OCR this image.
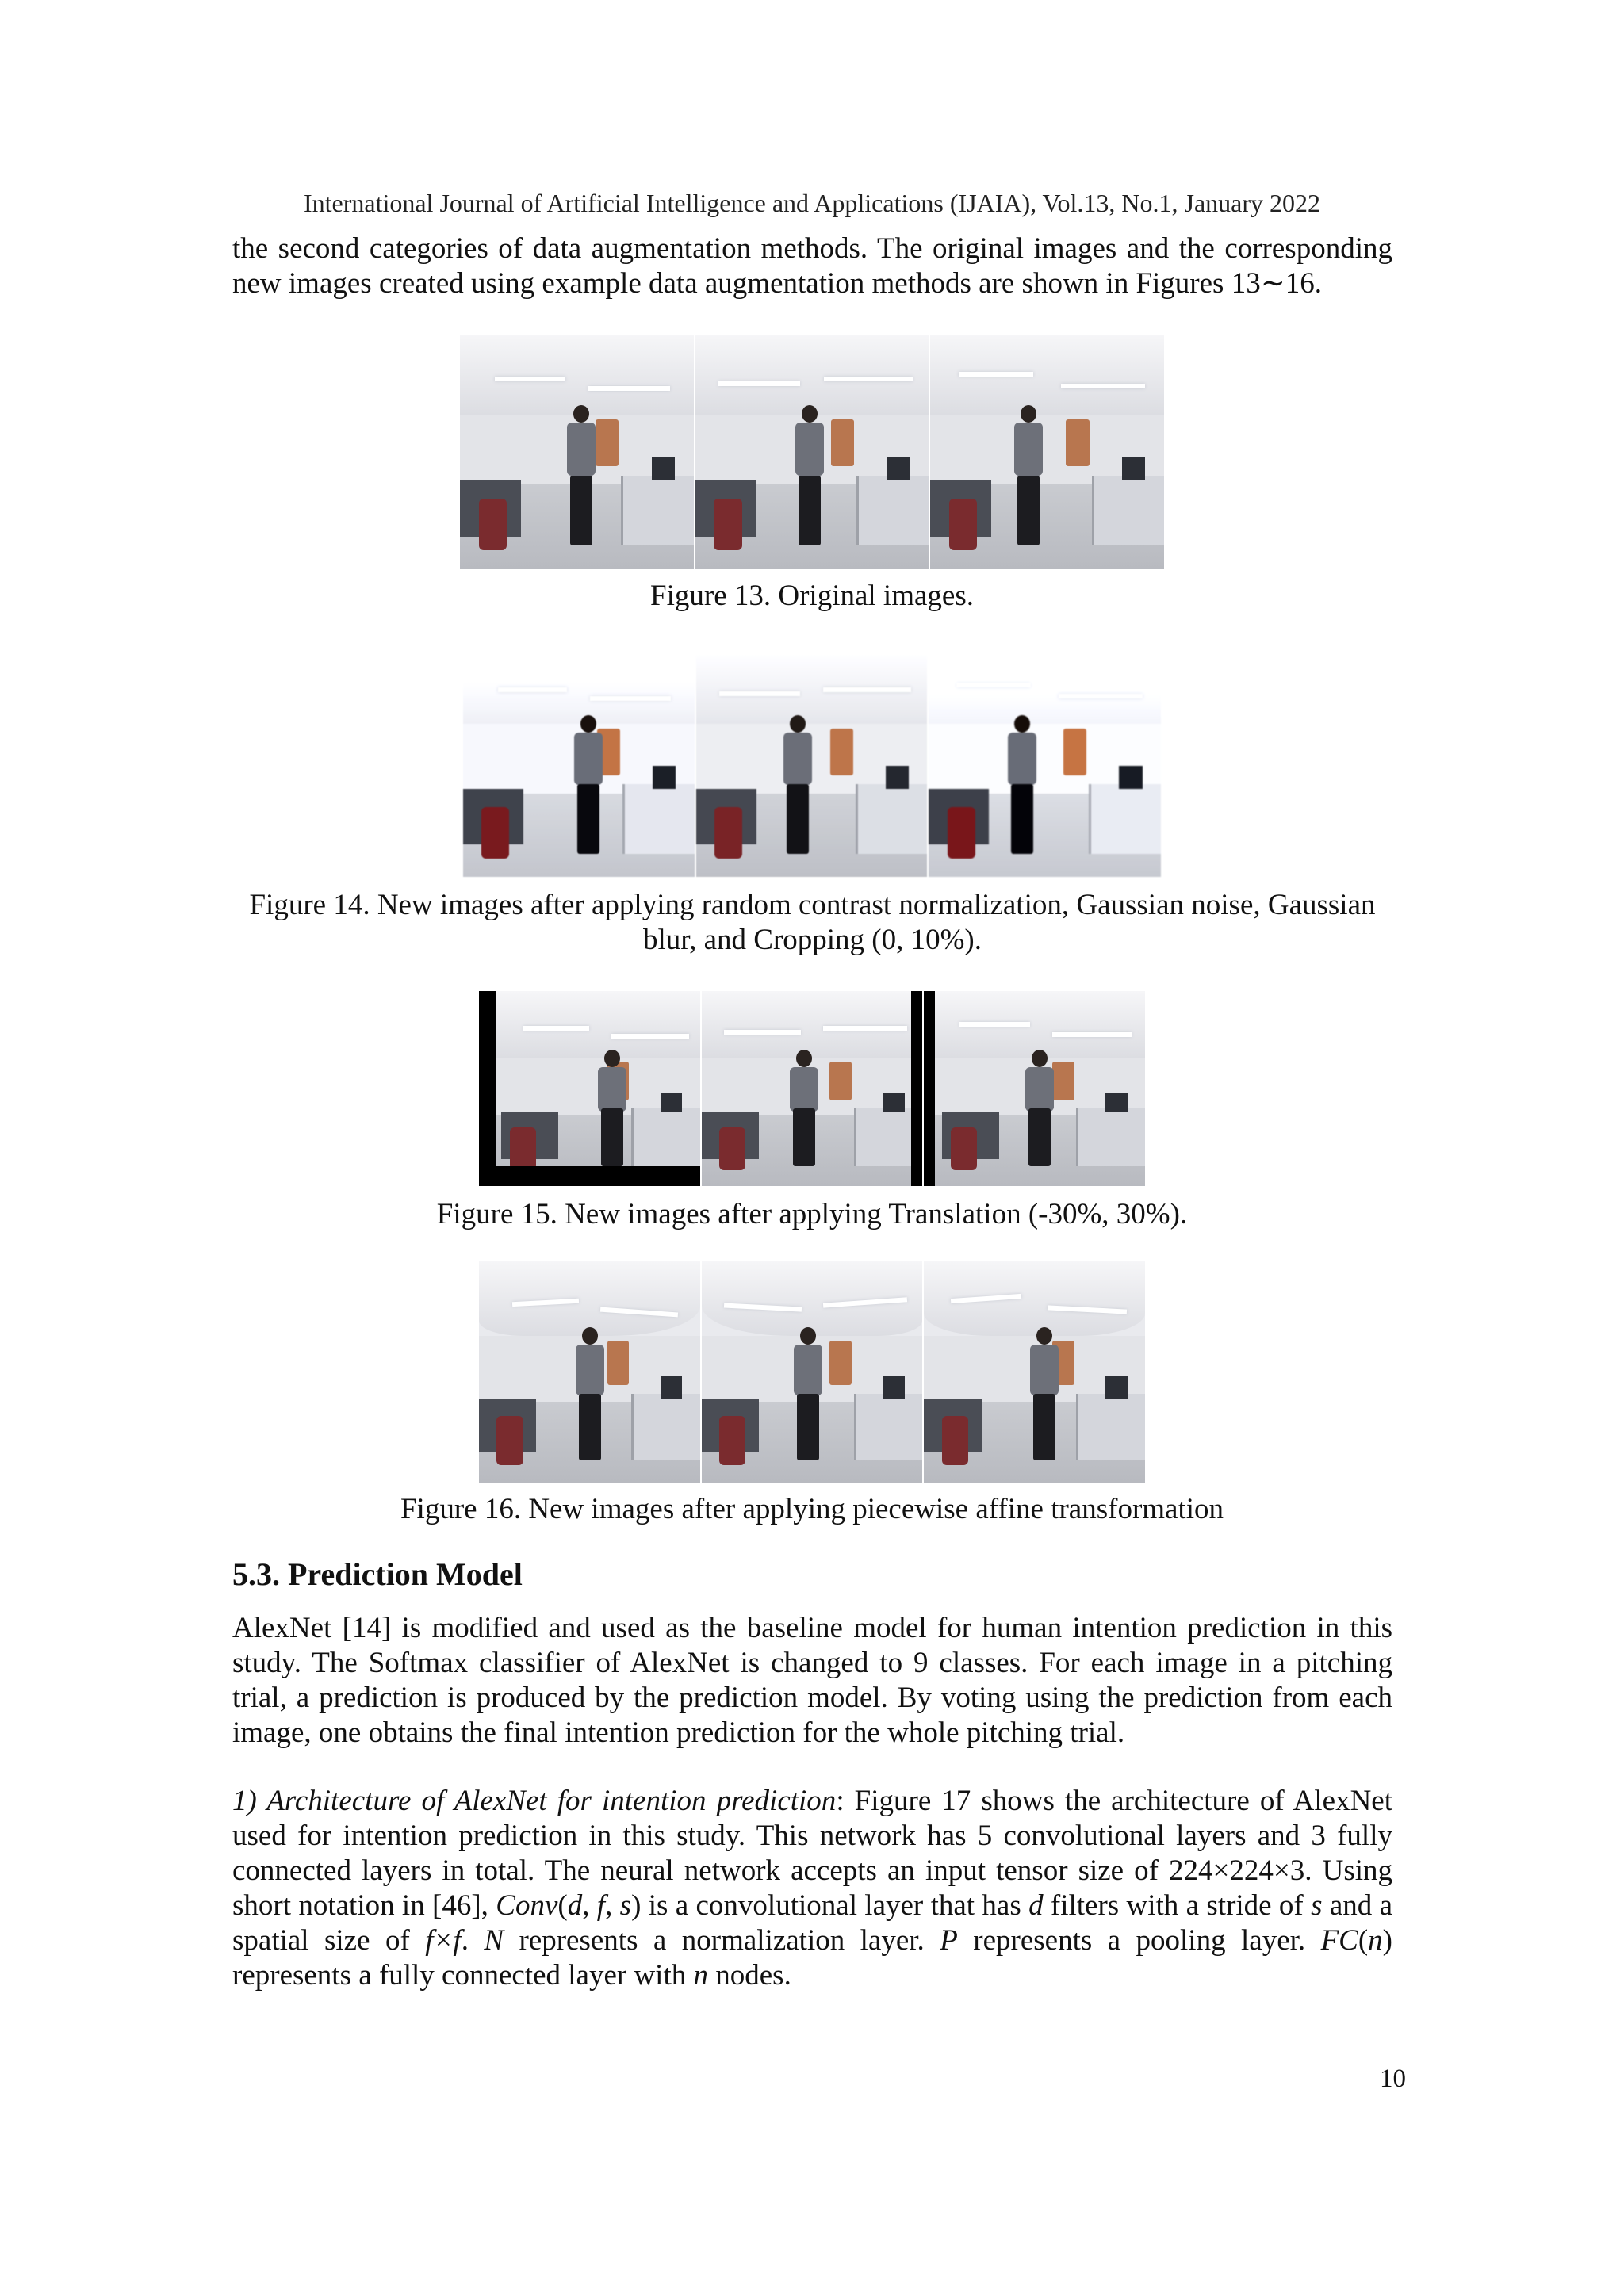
International Journal of Artificial Intelligence and Applications (IJAIA), Vol.13, No.1, January 2022
the second categories of data augmentation methods. The original images and the corresponding new images created using example data augmentation methods are shown in Figures 13∼16.
Figure 13. Original images.
Figure 14. New images after applying random contrast normalization, Gaussian noise, Gaussian blur, and Cropping (0, 10%).
Figure 15. New images after applying Translation (-30%, 30%).
Figure 16. New images after applying piecewise affine transformation
5.3. Prediction Model
AlexNet [14] is modified and used as the baseline model for human intention prediction in this study. The Softmax classifier of AlexNet is changed to 9 classes. For each image in a pitching trial, a prediction is produced by the prediction model. By voting using the prediction from each image, one obtains the final intention prediction for the whole pitching trial.
1) Architecture of AlexNet for intention prediction: Figure 17 shows the architecture of AlexNet used for intention prediction in this study. This network has 5 convolutional layers and 3 fully connected layers in total. The neural network accepts an input tensor size of 224×224×3. Using short notation in [46], Conv(d, f, s) is a convolutional layer that has d filters with a stride of s and a spatial size of f×f. N represents a normalization layer. P represents a pooling layer. FC(n) represents a fully connected layer with n nodes.
10
